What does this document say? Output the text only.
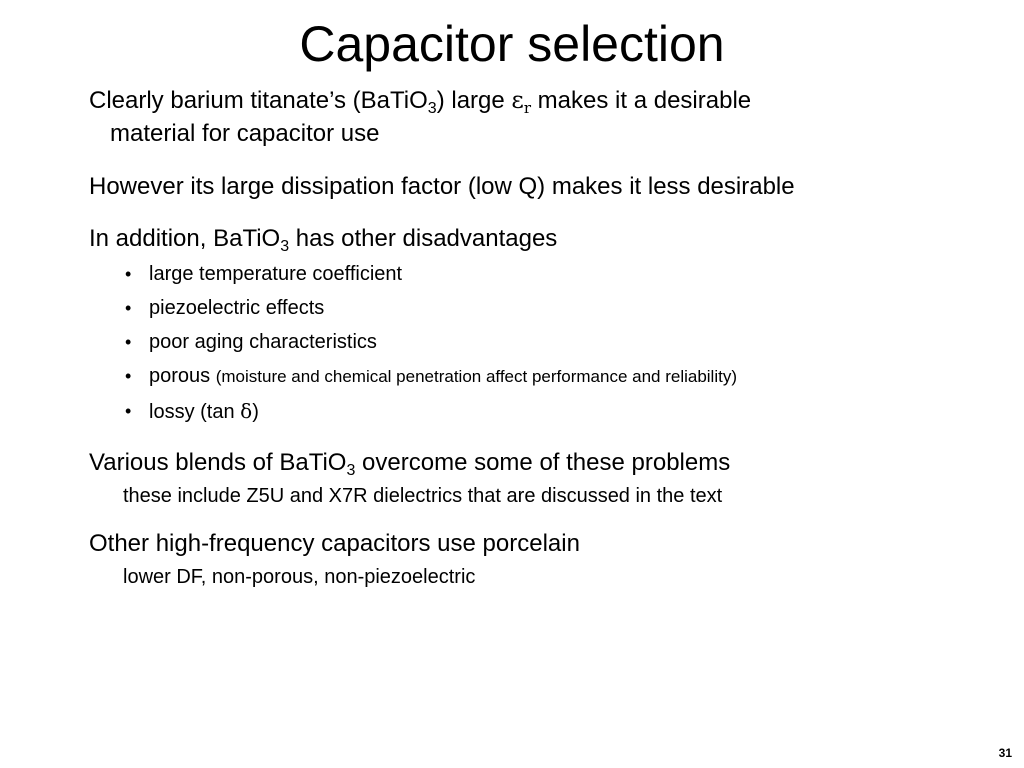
Capacitor selection

Clearly barium titanate’s (BaTiO$_3$) large $\varepsilon_r$ makes it a desirable
material for capacitor use

However its large dissipation factor (low Q) makes it less desirable

In addition, BaTiO$_3$ has other disadvantages

• large temperature coefficient
• piezoelectric effects
• poor aging characteristics
• porous (moisture and chemical penetration affect performance and reliability)
• lossy (tan δ)

Various blends of BaTiO$_3$ overcome some of these problems

these include Z5U and X7R dielectrics that are discussed in the text

Other high-frequency capacitors use porcelain

lower DF, non-porous, non-piezoelectric
31
